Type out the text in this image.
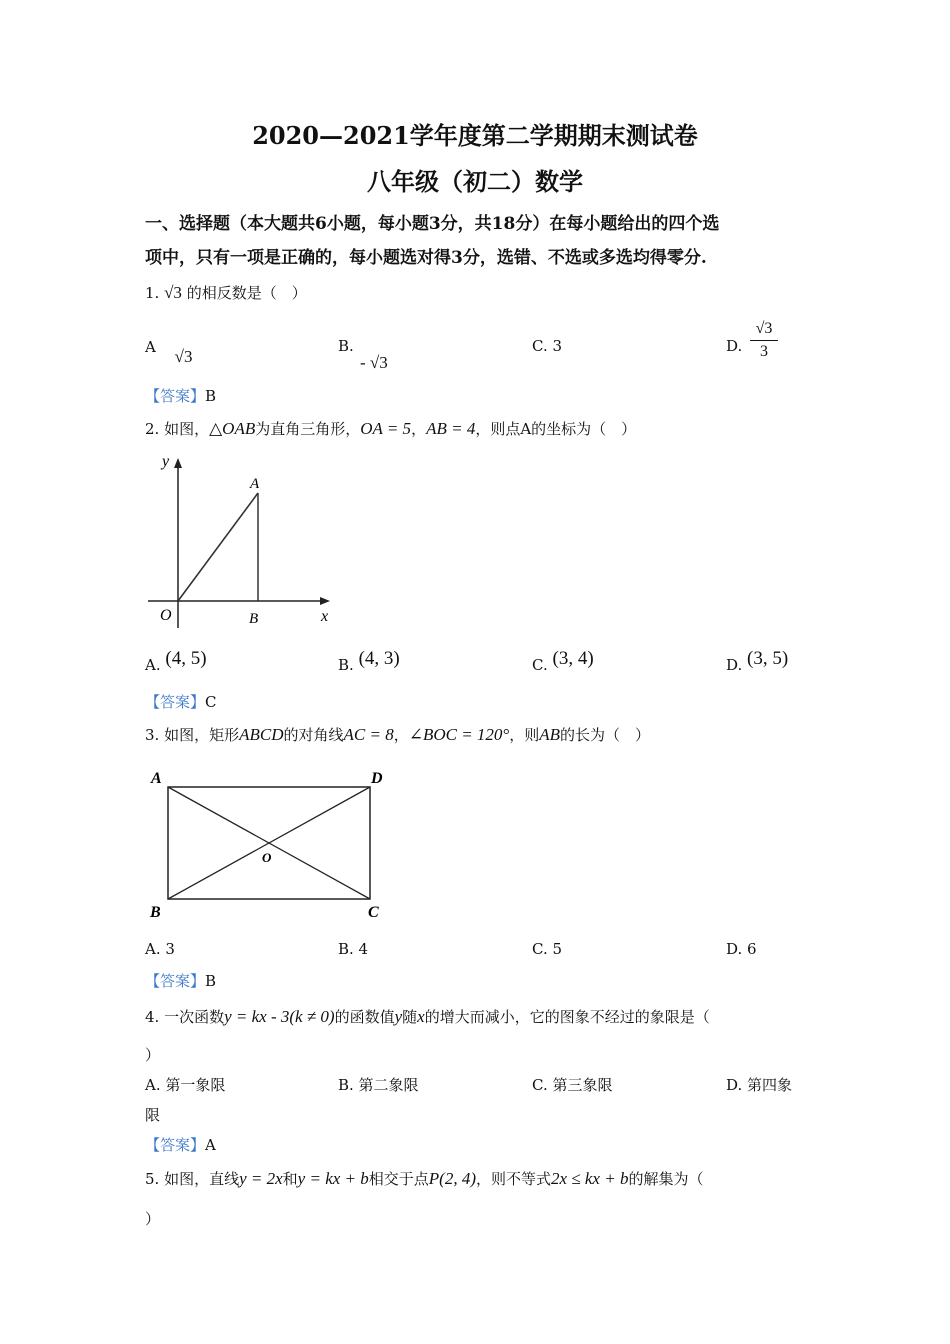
2020—2021学年度第二学期期末测试卷
八年级（初二）数学
一、选择题（本大题共6小题，每小题3分，共18分）在每小题给出的四个选
项中，只有一项是正确的，每小题选对得3分，选错、不选或多选均得零分.
1. √3 的相反数是（　）
A √3
B.
- √3
C. 3	D. $\frac{√3}{3}$
【答案】B
2. 如图，△OAB为直角三角形，OA = 5，AB = 4，则点A的坐标为（　）
y
A
O	B	x
A. (4, 5)	B. (4, 3)	C. (3, 4)	D. (3, 5)
【答案】C
3. 如图，矩形ABCD的对角线AC = 8，∠BOC = 120°，则AB的长为（　）
A	D
B	C
O
A. 3	B. 4	C. 5	D. 6
【答案】B
4. 一次函数y = kx - 3(k ≠ 0)的函数值y随x的增大而减小，它的图象不经过的象限是（
）
A. 第一象限	B. 第二象限	C. 第三象限	D. 第四象
限
【答案】A
5. 如图，直线y = 2x和y = kx + b相交于点P(2, 4)，则不等式2x ≤ kx + b的解集为（
）
